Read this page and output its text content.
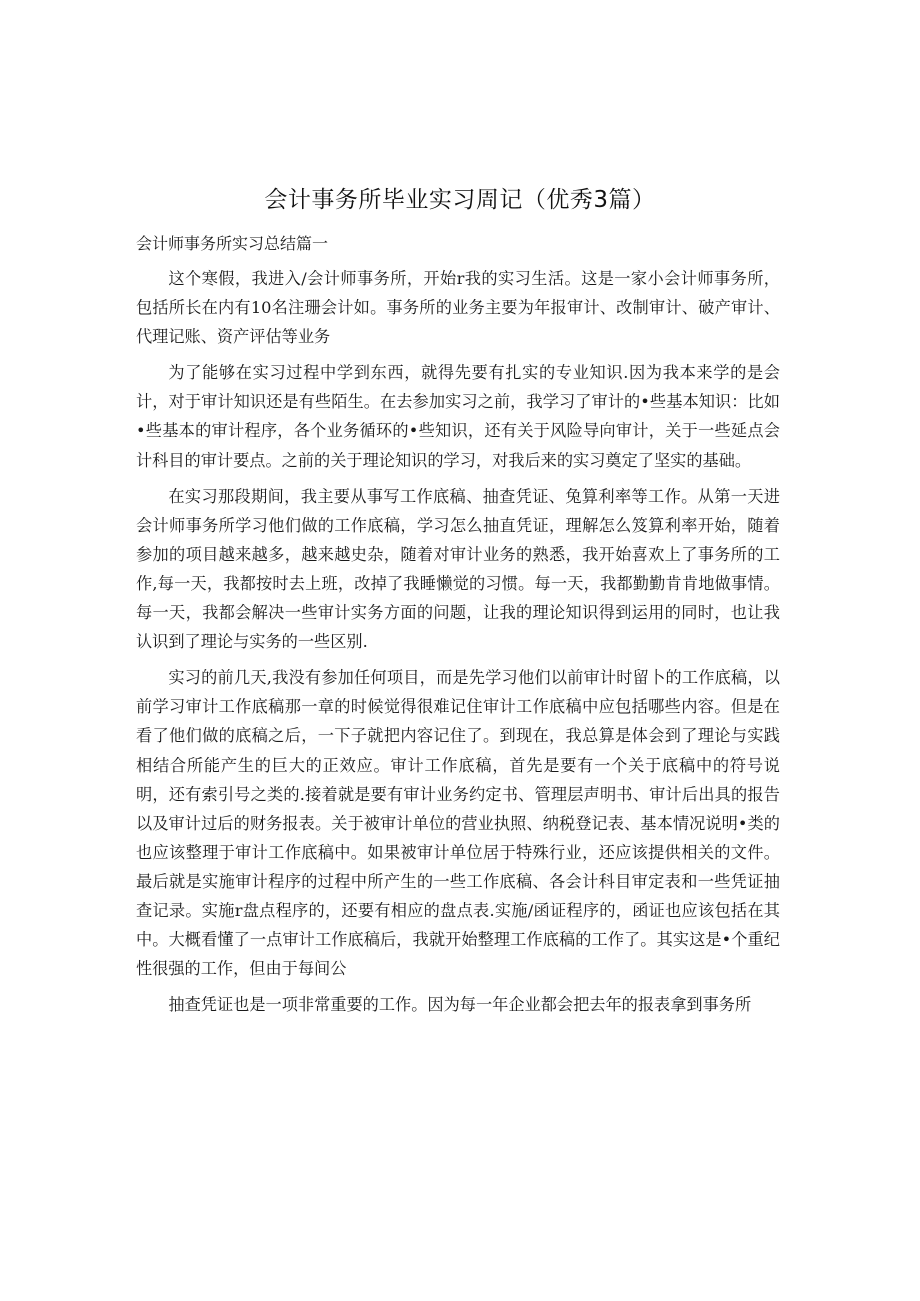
会计事务所毕业实习周记（优秀3篇）
会计师事务所实习总结篇一

这个寒假，我进入/会计师事务所，开始r我的实习生活。这是一家小会计师事务所，包括所长在内有10名注珊会计如。事务所的业务主要为年报审计、改制审计、破产审计、代理记账、资产评估等业务

为了能够在实习过程中学到东西，就得先要有扎实的专业知识.因为我本来学的是会计，对于审计知识还是有些陌生。在去参加实习之前，我学习了审计的•些基本知识：比如•些基本的审计程序，各个业务循环的•些知识，还有关于风险导向审计，关于一些延点会计科目的审计要点。之前的关于理论知识的学习，对我后来的实习奠定了坚实的基础。

在实习那段期间，我主要从事写工作底稿、抽查凭证、兔算利率等工作。从第一天进会计师事务所学习他们做的工作底稿，学习怎么抽直凭证，理解怎么笈算利率开始，随着参加的项目越来越多，越来越史杂，随着对审计业务的熟悉，我开始喜欢上了事务所的工作,每一天，我都按时去上班，改掉了我睡懒觉的习惯。每一天，我都勤勤肯肯地做事情。每一天，我都会解决一些审计实务方面的问题，让我的理论知识得到运用的同时，也让我认识到了理论与实务的一些区别.

实习的前几天,我没有参加任何项目，而是先学习他们以前审计时留卜的工作底稿，以前学习审计工作底稿那一章的时候觉得很难记住审计工作底稿中应包括哪些内容。但是在看了他们做的底稿之后，一下子就把内容记住了。到现在，我总算是体会到了理论与实践相结合所能产生的巨大的正效应。审计工作底稿，首先是要有一个关于底稿中的符号说明，还有索引号之类的.接着就是要有审计业务约定书、管理层声明书、审计后出具的报告以及审计过后的财务报表。关于被审计单位的营业执照、纳税登记表、基本情况说明•类的也应该整理于审计工作底稿中。如果被审计单位居于特殊行业，还应该提供相关的文件。最后就是实施审计程序的过程中所产生的一些工作底稿、各会计科目审定表和一些凭证抽查记录。实施r盘点程序的，还要有相应的盘点表.实施/函证程序的，函证也应该包括在其中。大概看懂了一点审计工作底稿后，我就开始整理工作底稿的工作了。其实这是•个重纪性很强的工作，但由于每间公

抽查凭证也是一项非常重要的工作。因为每一年企业都会把去年的报表拿到事务所
